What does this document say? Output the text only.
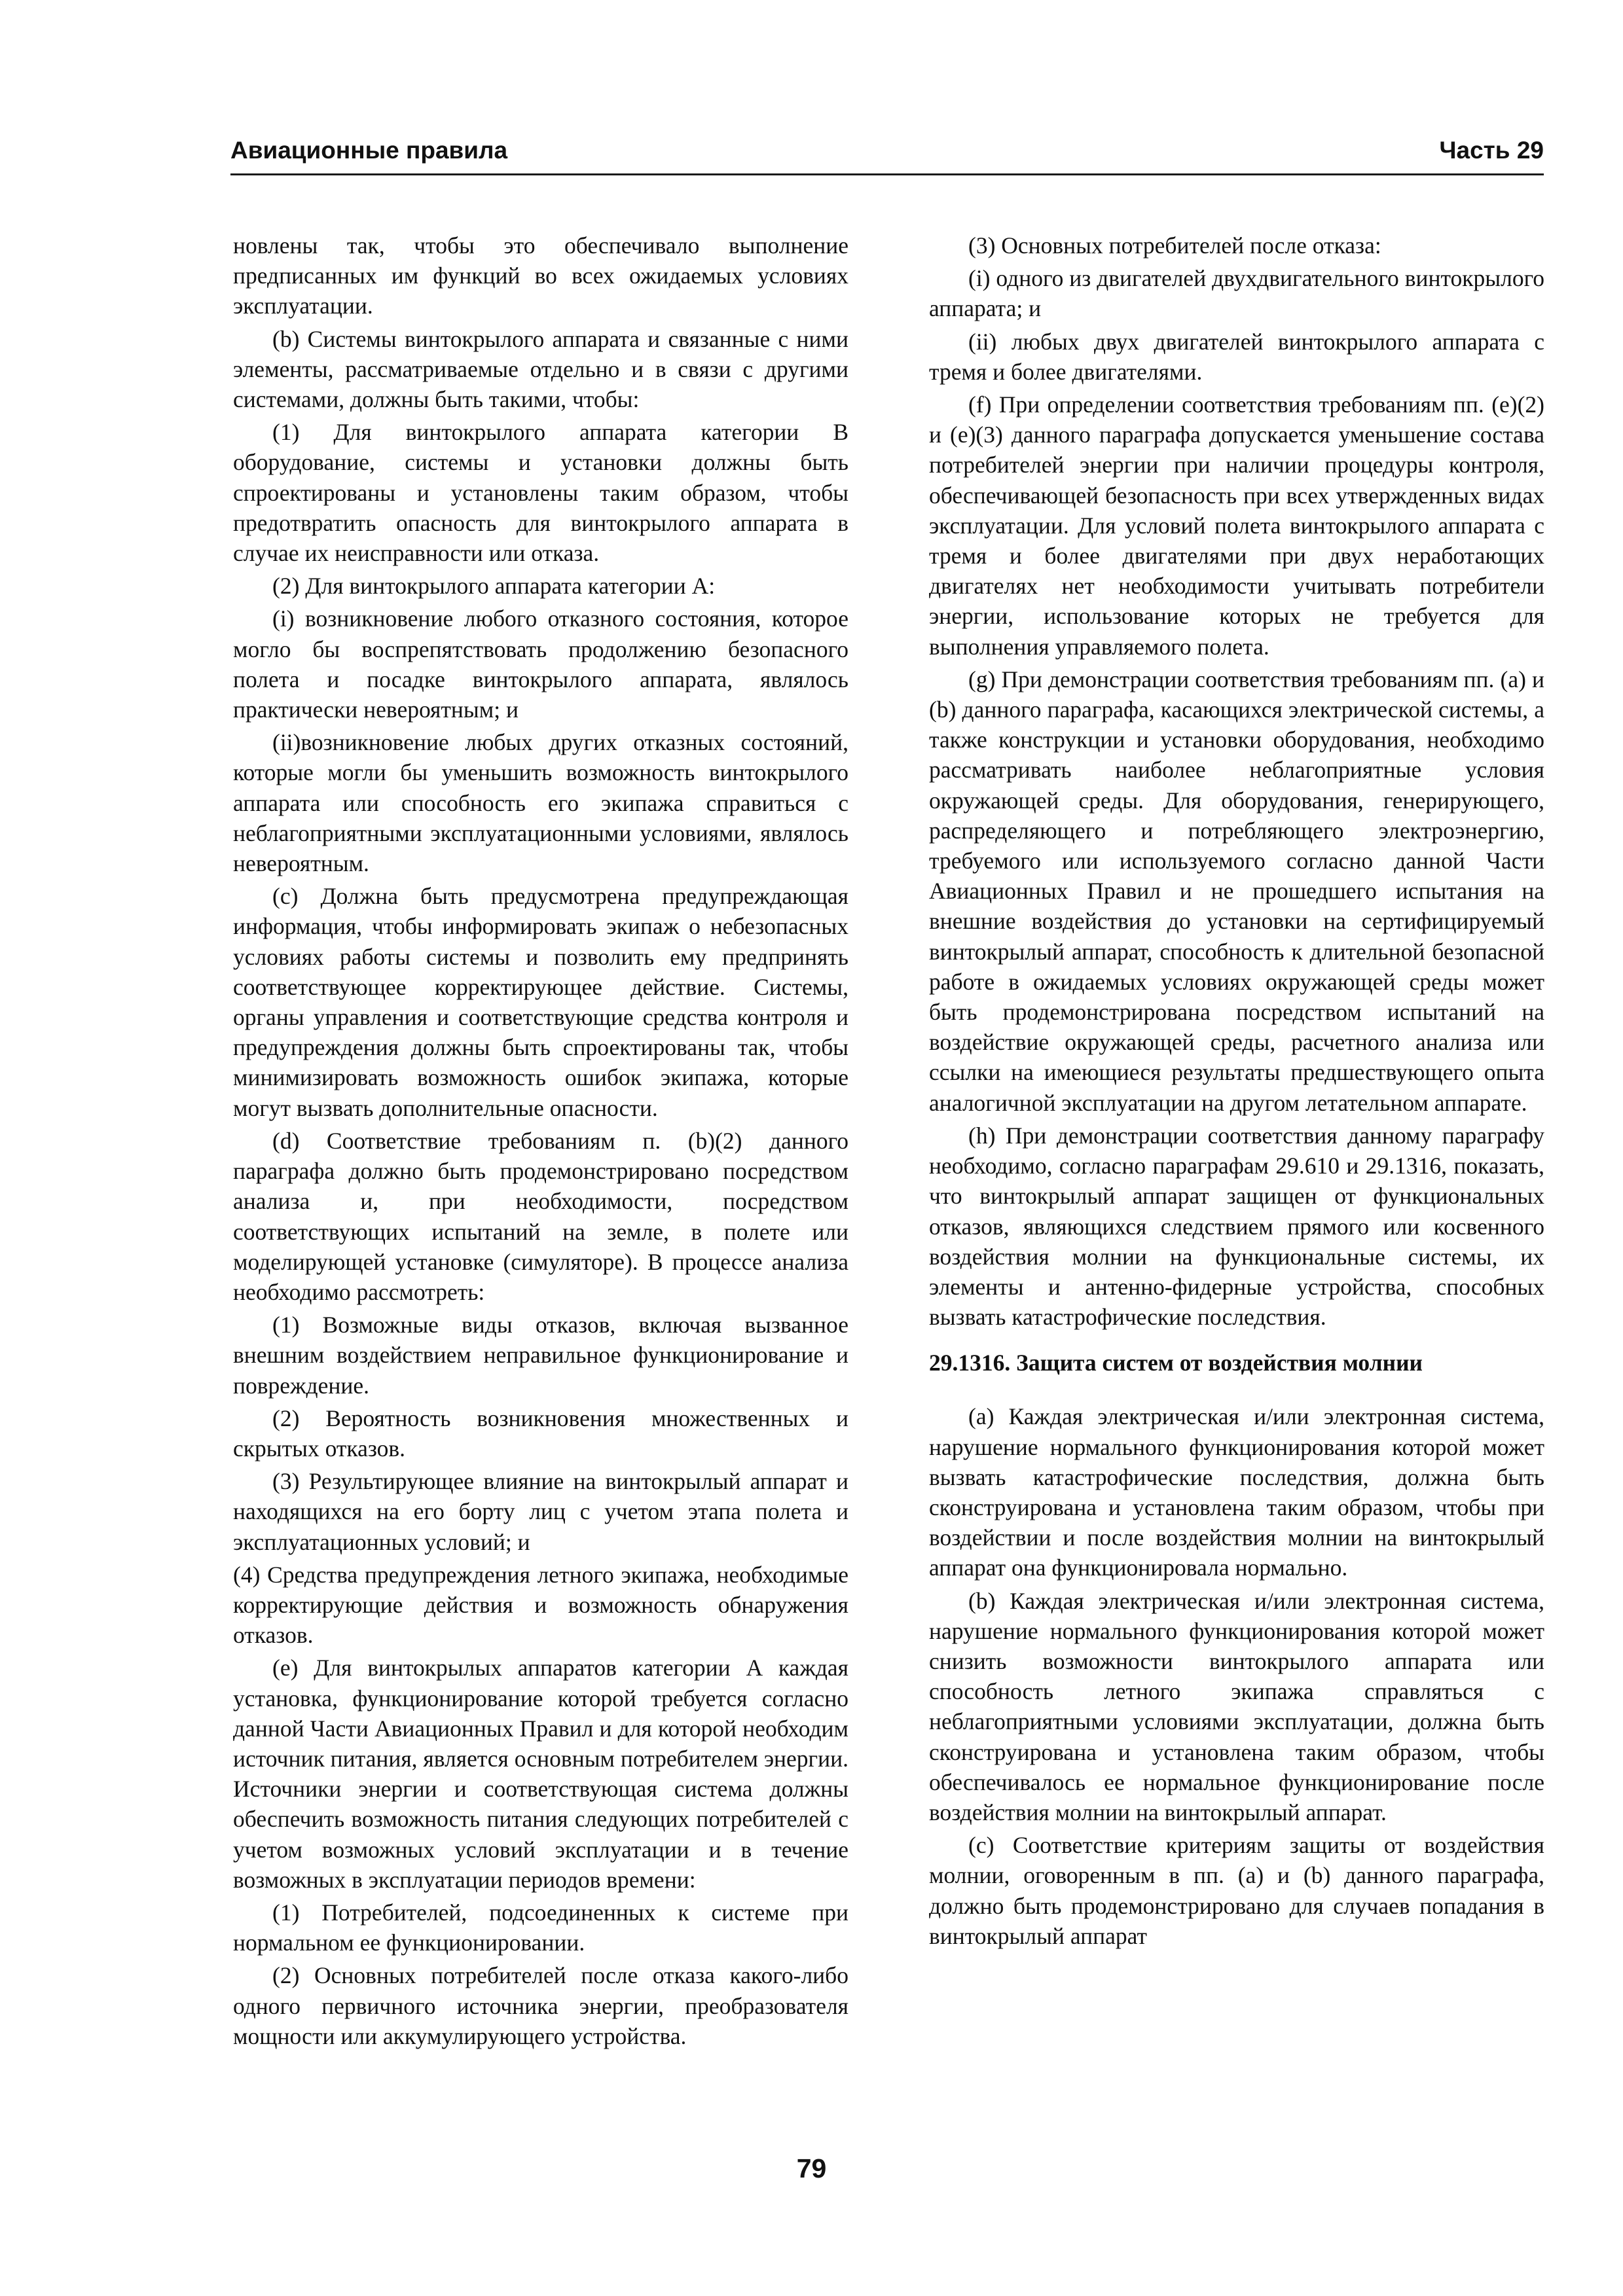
Авиационные правила	Часть 29

новлены так, чтобы это обеспечивало выполнение предписанных им функций во всех ожидаемых условиях эксплуатации.

(b) Системы винтокрылого аппарата и связанные с ними элементы, рассматриваемые отдельно и в связи с другими системами, должны быть такими, чтобы:

(1) Для винтокрылого аппарата категории В оборудование, системы и установки должны быть спроектированы и установлены таким образом, чтобы предотвратить опасность для винтокрылого аппарата в случае их неисправности или отказа.

(2) Для винтокрылого аппарата категории А:

(i) возникновение любого отказного состояния, которое могло бы воспрепятствовать продолжению безопасного полета и посадке винтокрылого аппарата, являлось практически невероятным; и

(ii)возникновение любых других отказных состояний, которые могли бы уменьшить возможность винтокрылого аппарата или способность его экипажа справиться с неблагоприятными эксплуатационными условиями, являлось невероятным.

(c) Должна быть предусмотрена предупреждающая информация, чтобы информировать экипаж о небезопасных условиях работы системы и позволить ему предпринять соответствующее корректирующее действие. Системы, органы управления и соответствующие средства контроля и предупреждения должны быть спроектированы так, чтобы минимизировать возможность ошибок экипажа, которые могут вызвать дополнительные опасности.

(d) Соответствие требованиям п. (b)(2) данного параграфа должно быть продемонстрировано посредством анализа и, при необходимости, посредством соответствующих испытаний на земле, в полете или моделирующей установке (симуляторе). В процессе анализа необходимо рассмотреть:

(1) Возможные виды отказов, включая вызванное внешним воздействием неправильное функционирование и повреждение.

(2) Вероятность возникновения множественных и скрытых отказов.

(3) Результирующее влияние на винтокрылый аппарат и находящихся на его борту лиц с учетом этапа полета и эксплуатационных условий; и

(4) Средства предупреждения летного экипажа, необходимые корректирующие действия и возможность обнаружения отказов.

(e) Для винтокрылых аппаратов категории А каждая установка, функционирование которой требуется согласно данной Части Авиационных Правил и для которой необходим источник питания, является основным потребителем энергии. Источники энергии и соответствующая система должны обеспечить возможность питания следующих потребителей с учетом возможных условий эксплуатации и в течение возможных в эксплуатации периодов времени:

(1) Потребителей, подсоединенных к системе при нормальном ее функционировании.

(2) Основных потребителей после отказа какого-либо одного первичного источника энергии, преобразователя мощности или аккумулирующего устройства.

(3) Основных потребителей после отказа:

(i) одного из двигателей двухдвигательного винтокрылого аппарата; и

(ii) любых двух двигателей винтокрылого аппарата с тремя и более двигателями.

(f) При определении соответствия требованиям пп. (e)(2) и (e)(3) данного параграфа допускается уменьшение состава потребителей энергии при наличии процедуры контроля, обеспечивающей безопасность при всех утвержденных видах эксплуатации. Для условий полета винтокрылого аппарата с тремя и более двигателями при двух неработающих двигателях нет необходимости учитывать потребители энергии, использование которых не требуется для выполнения управляемого полета.

(g) При демонстрации соответствия требованиям пп. (a) и (b) данного параграфа, касающихся электрической системы, а также конструкции и установки оборудования, необходимо рассматривать наиболее неблагоприятные условия окружающей среды. Для оборудования, генерирующего, распределяющего и потребляющего электроэнергию, требуемого или используемого согласно данной Части Авиационных Правил и не прошедшего испытания на внешние воздействия до установки на сертифицируемый винтокрылый аппарат, способность к длительной безопасной работе в ожидаемых условиях окружающей среды может быть продемонстрирована посредством испытаний на воздействие окружающей среды, расчетного анализа или ссылки на имеющиеся результаты предшествующего опыта аналогичной эксплуатации на другом летательном аппарате.

(h) При демонстрации соответствия данному параграфу необходимо, согласно параграфам 29.610 и 29.1316, показать, что винтокрылый аппарат защищен от функциональных отказов, являющихся следствием прямого или косвенного воздействия молнии на функциональные системы, их элементы и антенно-фидерные устройства, способных вызвать катастрофические последствия.

29.1316. Защита систем от воздействия молнии

(a) Каждая электрическая и/или электронная система, нарушение нормального функционирования которой может вызвать катастрофические последствия, должна быть сконструирована и установлена таким образом, чтобы при воздействии и после воздействия молнии на винтокрылый аппарат она функционировала нормально.

(b) Каждая электрическая и/или электронная система, нарушение нормального функционирования которой может снизить возможности винтокрылого аппарата или способность летного экипажа справляться с неблагоприятными условиями эксплуатации, должна быть сконструирована и установлена таким образом, чтобы обеспечивалось ее нормальное функционирование после воздействия молнии на винтокрылый аппарат.

(c) Соответствие критериям защиты от воздействия молнии, оговоренным в пп. (a) и (b) данного параграфа, должно быть продемонстрировано для случаев попадания в винтокрылый аппарат

79
